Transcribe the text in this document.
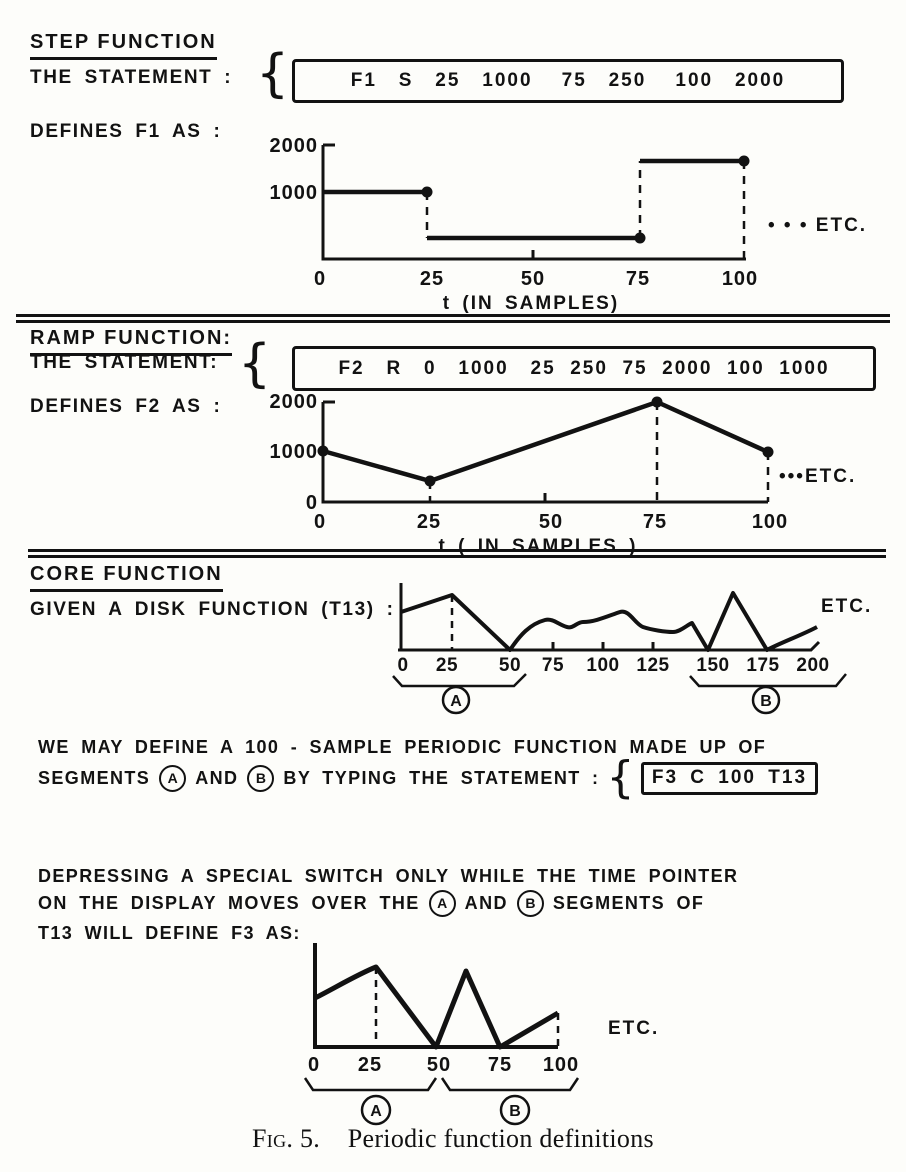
STEP FUNCTION
THE STATEMENT : {	F1   S   25   1000    75   250    100   2000
DEFINES F1 AS :
2000
1000
0	25	50	75	100
t (IN SAMPLES)
• • • ETC.
RAMP FUNCTION:
THE STATEMENT: {	F2   R   0   1000   25  250  75  2000  100  1000
DEFINES F2 AS : 2000
1000
0
0	25	50	75	100
t ( IN SAMPLES )
•••ETC.
CORE FUNCTION
GIVEN A DISK FUNCTION (T13) :
0 25 50 75 100 125 150 175 200
A	B
ETC.
WE MAY DEFINE A 100 - SAMPLE PERIODIC FUNCTION MADE UP OF
SEGMENTS	A AND	B BY TYPING THE STATEMENT : { F3 C 100 T13
DEPRESSING A SPECIAL SWITCH ONLY WHILE THE TIME POINTER
ON THE DISPLAY MOVES OVER THE	A AND	B SEGMENTS OF
T13 WILL DEFINE F3 AS:
0 25 50 75 100
A	B
ETC.
Fig. 5. Periodic function definitions
